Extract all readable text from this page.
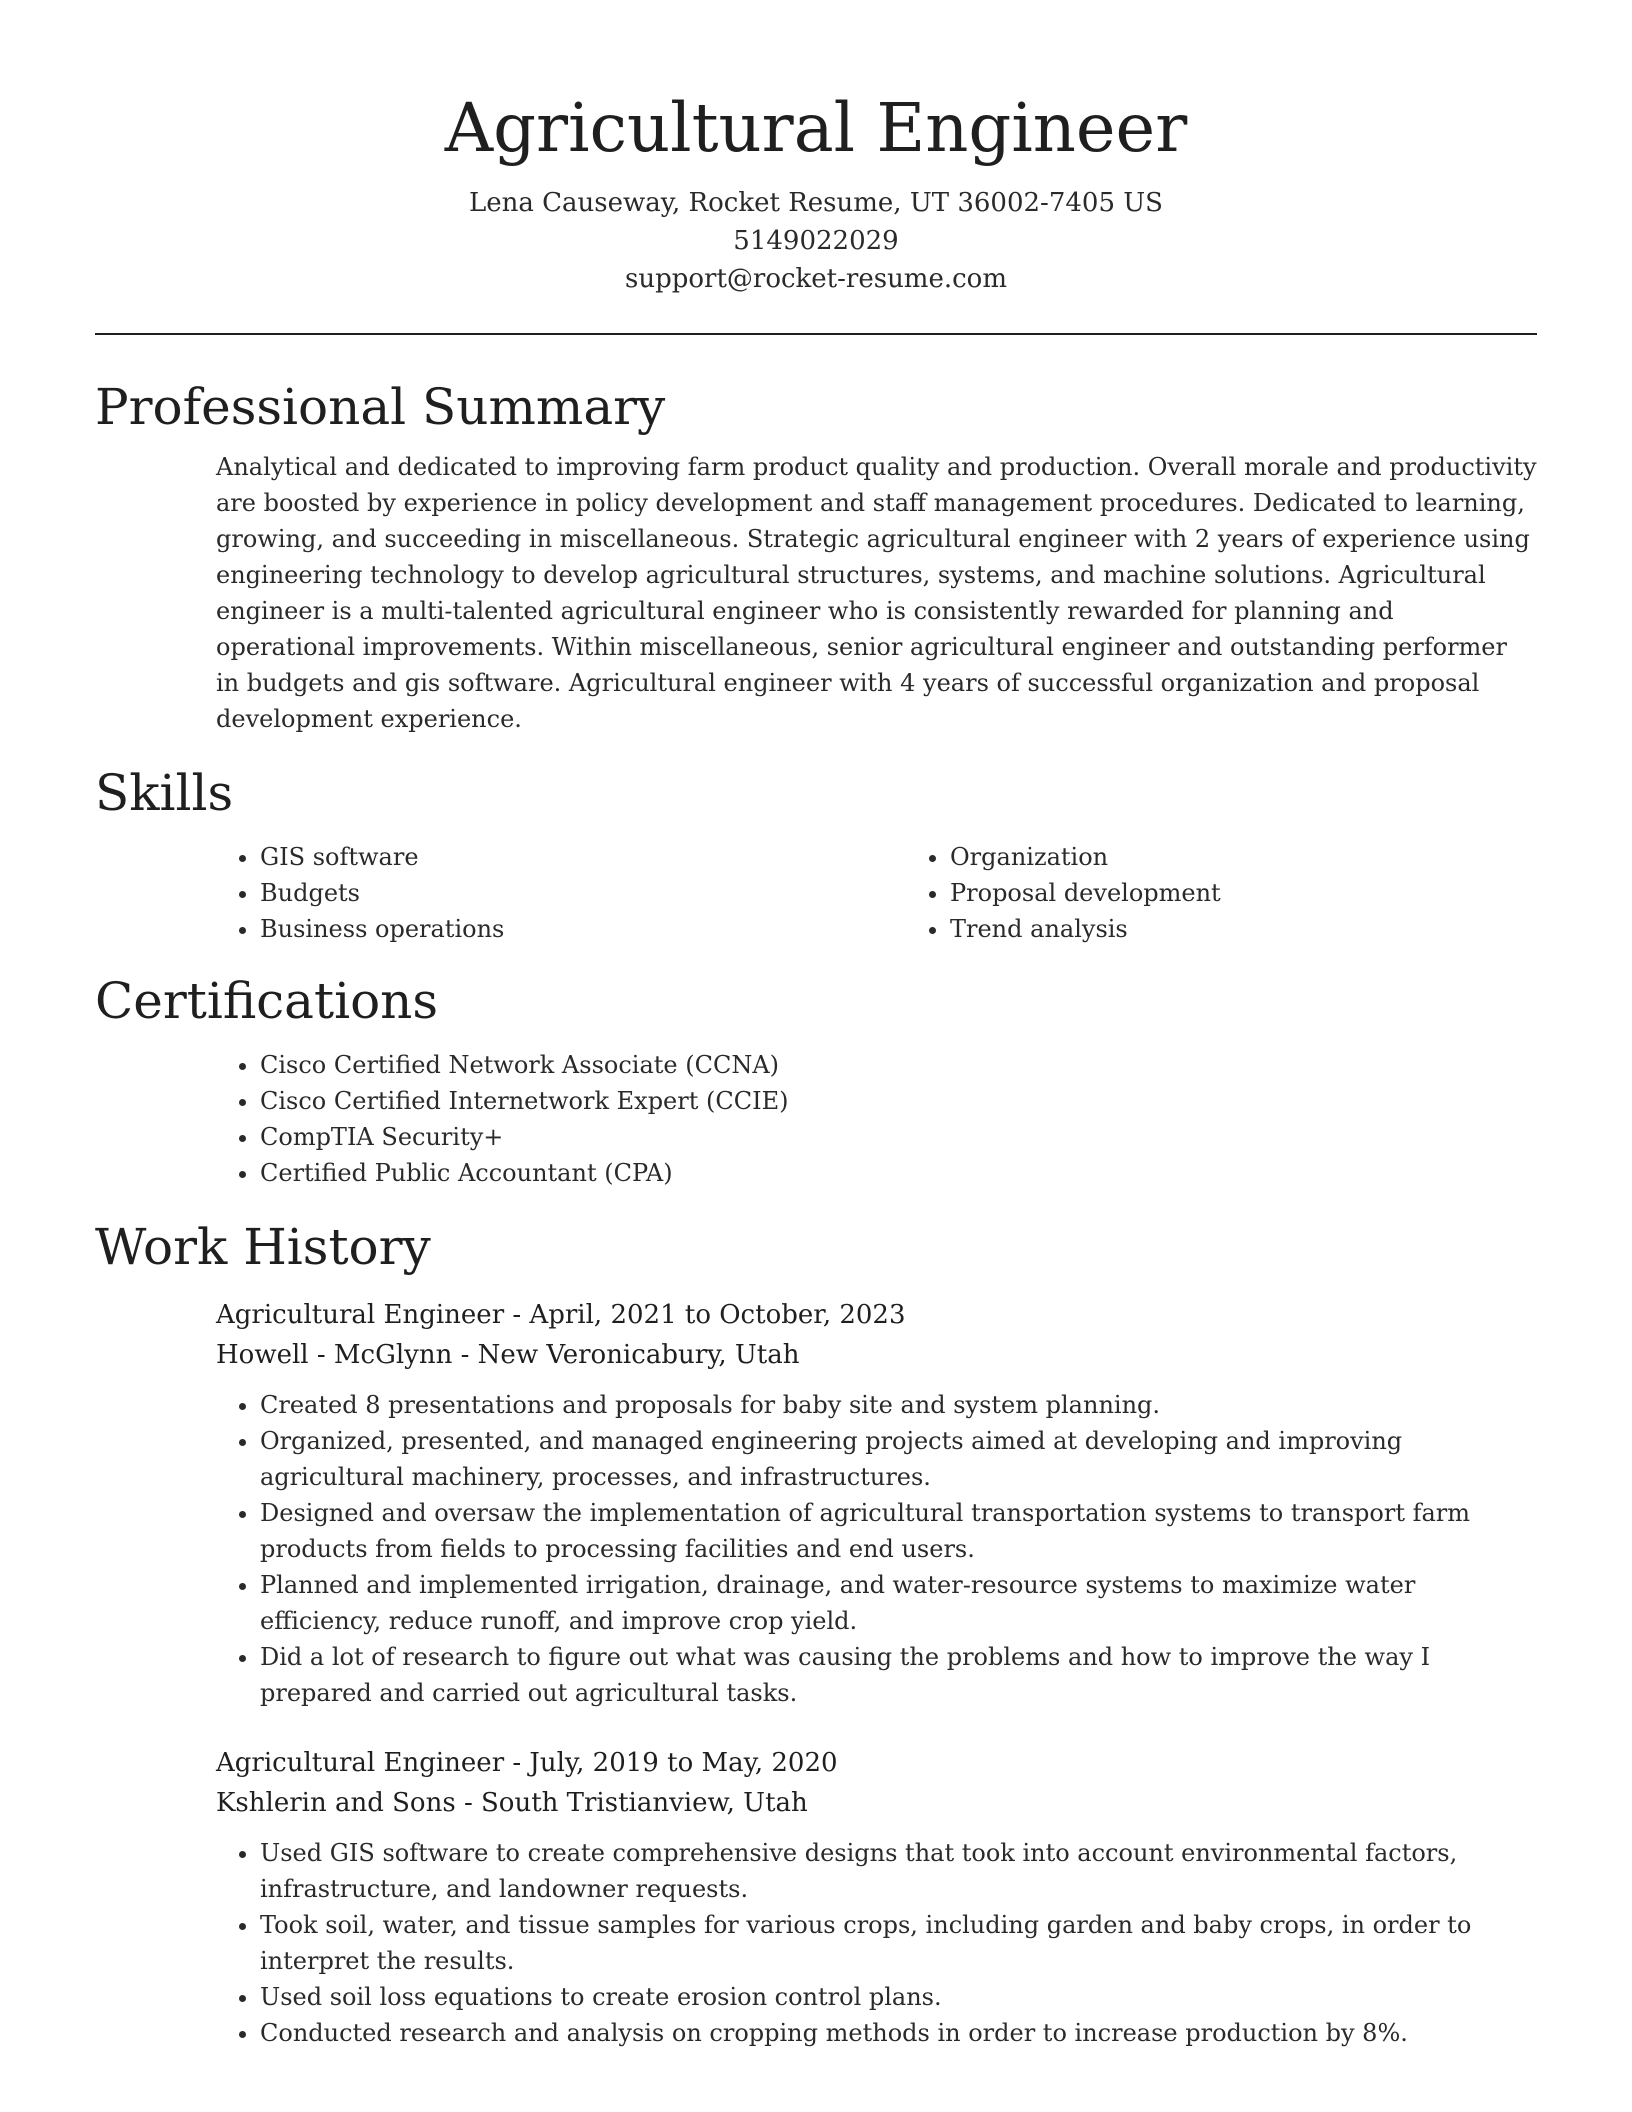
Agricultural Engineer

Lena Causeway, Rocket Resume, UT 36002-7405 US

5149022029

support@rocket-resume.com

Professional Summary

Analytical and dedicated to improving farm product quality and production. Overall morale and productivity are boosted by experience in policy development and staff management procedures. Dedicated to learning, growing, and succeeding in miscellaneous. Strategic agricultural engineer with 2 years of experience using engineering technology to develop agricultural structures, systems, and machine solutions. Agricultural engineer is a multi-talented agricultural engineer who is consistently rewarded for planning and operational improvements. Within miscellaneous, senior agricultural engineer and outstanding performer in budgets and gis software. Agricultural engineer with 4 years of successful organization and proposal development experience.

Skills
• GIS software
• Budgets
• Business operations
• Organization
• Proposal development
• Trend analysis
Certifications
• Cisco Certified Network Associate (CCNA)
• Cisco Certified Internetwork Expert (CCIE)
• CompTIA Security+
• Certified Public Accountant (CPA)
Work History

Agricultural Engineer - April, 2021 to October, 2023

Howell - McGlynn - New Veronicabury, Utah

• Created 8 presentations and proposals for baby site and system planning.
• Organized, presented, and managed engineering projects aimed at developing and improving agricultural machinery, processes, and infrastructures.
• Designed and oversaw the implementation of agricultural transportation systems to transport farm products from fields to processing facilities and end users.
• Planned and implemented irrigation, drainage, and water-resource systems to maximize water efficiency, reduce runoff, and improve crop yield.
• Did a lot of research to figure out what was causing the problems and how to improve the way I prepared and carried out agricultural tasks.

Agricultural Engineer - July, 2019 to May, 2020

Kshlerin and Sons - South Tristianview, Utah

• Used GIS software to create comprehensive designs that took into account environmental factors, infrastructure, and landowner requests.
• Took soil, water, and tissue samples for various crops, including garden and baby crops, in order to interpret the results.
• Used soil loss equations to create erosion control plans.
• Conducted research and analysis on cropping methods in order to increase production by 8%.
